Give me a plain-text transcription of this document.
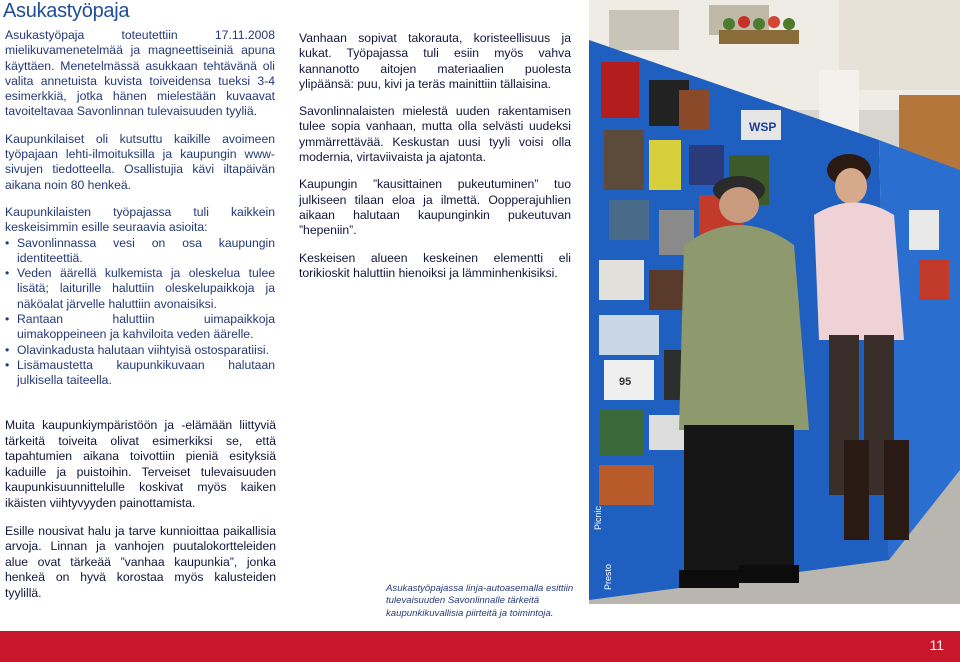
Asukastyöpaja

Asukastyöpaja toteutettiin 17.11.2008 mielikuvamenetelmää ja magneettiseiniä apuna käyttäen. Menetelmässä asukkaan tehtävänä oli valita annetuista kuvista toiveidensa tueksi 3-4 esimerkkiä, jotka hänen mielestään kuvaavat tavoiteltavaa Savonlinnan tulevaisuuden tyyliä.

Kaupunkilaiset oli kutsuttu kaikille avoimeen työpajaan lehti-ilmoituksilla ja kaupungin www-sivujen tiedotteella. Osallistujia kävi iltapäivän aikana noin 80 henkeä.

Kaupunkilaisten työpajassa tuli kaikkein keskeisimmin esille seuraavia asioita:

• Savonlinnassa vesi on osa kaupungin identiteettiä.
• Veden äärellä kulkemista ja oleskelua tulee lisätä; laiturille haluttiin oleskelupaikkoja ja näköalat järvelle haluttiin avonaisiksi.
• Rantaan haluttiin uimapaikkoja uimakoppeineen ja kahviloita veden äärelle.
• Olavinkadusta halutaan viihtyisä ostosparatiisi.
• Lisämaustetta kaupunkikuvaan halutaan julkisella taiteella.

Vanhaan sopivat takorauta, koristeellisuus ja kukat. Työpajassa tuli esiin myös vahva kannanotto aitojen materiaalien puolesta ylipäänsä: puu, kivi ja teräs mainittiin tällaisina.

Savonlinnalaisten mielestä uuden rakentamisen tulee sopia vanhaan, mutta olla selvästi uudeksi ymmärrettävää. Keskustan uusi tyyli voisi olla modernia, virtaviivaista ja ajatonta.

Kaupungin ”kausittainen pukeutuminen” tuo julkiseen tilaan eloa ja ilmettä. Oopperajuhlien aikaan halutaan kaupunginkin pukeutuvan ”hepeniin”.

Keskeisen alueen keskeinen elementti eli torikioskit haluttiin hienoiksi ja lämminhenkisiksi.

Muita kaupunkiympäristöön ja -elämään liittyviä tärkeitä toiveita olivat esimerkiksi se, että tapahtumien aikana toivottiin pieniä esityksiä kaduille ja puistoihin. Terveiset tulevaisuuden kaupunkisuunnittelulle koskivat myös kaiken ikäisten viihtyvyyden painottamista.

Esille nousivat halu ja tarve kunnioittaa paikallisia arvoja. Linnan ja vanhojen puutalokortteleiden alue ovat tärkeää ”vanhaa kaupunkia”, jonka henkeä on hyvä korostaa myös kalusteiden tyylillä.	Asukastyöpajassa linja-autoasemalla esittiin tulevaisuuden Savonlinnalle tärkeitä kaupunkikuvallisia piirteitä ja toimintoja.
WSP
95
Picnic
Presto
11
